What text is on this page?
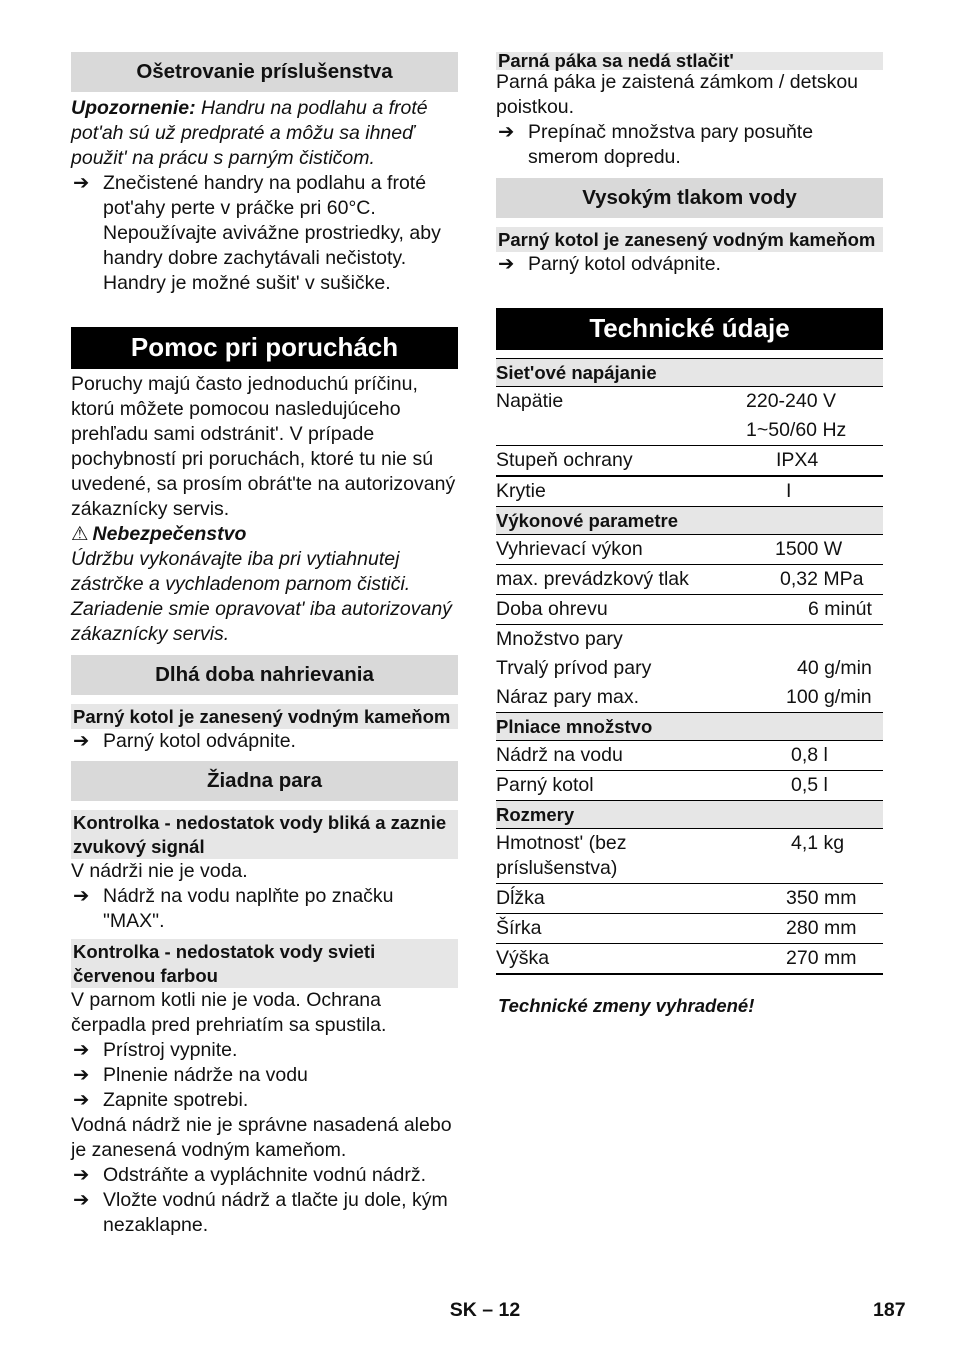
Ošetrovanie príslušenstva

Upozornenie: Handru na podlahu a froté pot'ah sú už predpraté a môžu sa ihneď použit' na prácu s parným čističom.

➔ Znečistené handry na podlahu a froté pot'ahy perte v práčke pri 60°C. Nepoužívajte avivážne prostriedky, aby handry dobre zachytávali nečistoty. Handry je možné sušit' v sušičke.
Pomoc pri poruchách

Poruchy majú často jednoduchú príčinu, ktorú môžete pomocou nasledujúceho prehľadu sami odstránit'. V prípade pochybností pri poruchách, ktoré tu nie sú uvedené, sa prosím obrát'te na autorizovaný zákaznícky servis.

⚠ Nebezpečenstvo

Údržbu vykonávajte iba pri vytiahnutej zástrčke a vychladenom parnom čističi. Zariadenie smie opravovat' iba autorizovaný zákaznícky servis.

Dlhá doba nahrievania
Parný kotol je zanesený vodným kameňom
➔ Parný kotol odvápnite.
Žiadna para
Kontrolka - nedostatok vody bliká a zaznie zvukový signál

V nádrži nie je voda.

➔ Nádrž na vodu naplňte po značku "MAX".
Kontrolka - nedostatok vody svieti červenou farbou

V parnom kotli nie je voda. Ochrana čerpadla pred prehriatím sa spustila.

➔ Prístroj vypnite.
➔ Plnenie nádrže na vodu
➔ Zapnite spotrebi.

Vodná nádrž nie je správne nasadená alebo je zanesená vodným kameňom.

➔ Odstráňte a vypláchnite vodnú nádrž.
➔ Vložte vodnú nádrž a tlačte ju dole, kým nezaklapne.
Parná páka sa nedá stlačit'

Parná páka je zaistená zámkom / detskou poistkou.

➔ Prepínač množstva pary posuňte smerom dopredu.
Vysokým tlakom vody
Parný kotol je zanesený vodným kameňom
➔ Parný kotol odvápnite.
Technické údaje
Siet'ové napájanie	
Napätie	220-240 V
	1~50/60 Hz
Stupeň ochrany	IPX4
Krytie	I
Výkonové parametre	
Vyhrievací výkon	1500 W
max. prevádzkový tlak	0,32 MPa
Doba ohrevu	6 minút
Množstvo pary	
Trvalý prívod pary	40 g/min
Náraz pary max.	100 g/min
Plniace množstvo	
Nádrž na vodu	0,8 l
Parný kotol	0,5 l
Rozmery	
Hmotnost' (bez príslušenstva)	4,1 kg
Dĺžka	350 mm
Šírka	280 mm
Výška	270 mm

Technické zmeny vyhradené!

SK – 12	187
